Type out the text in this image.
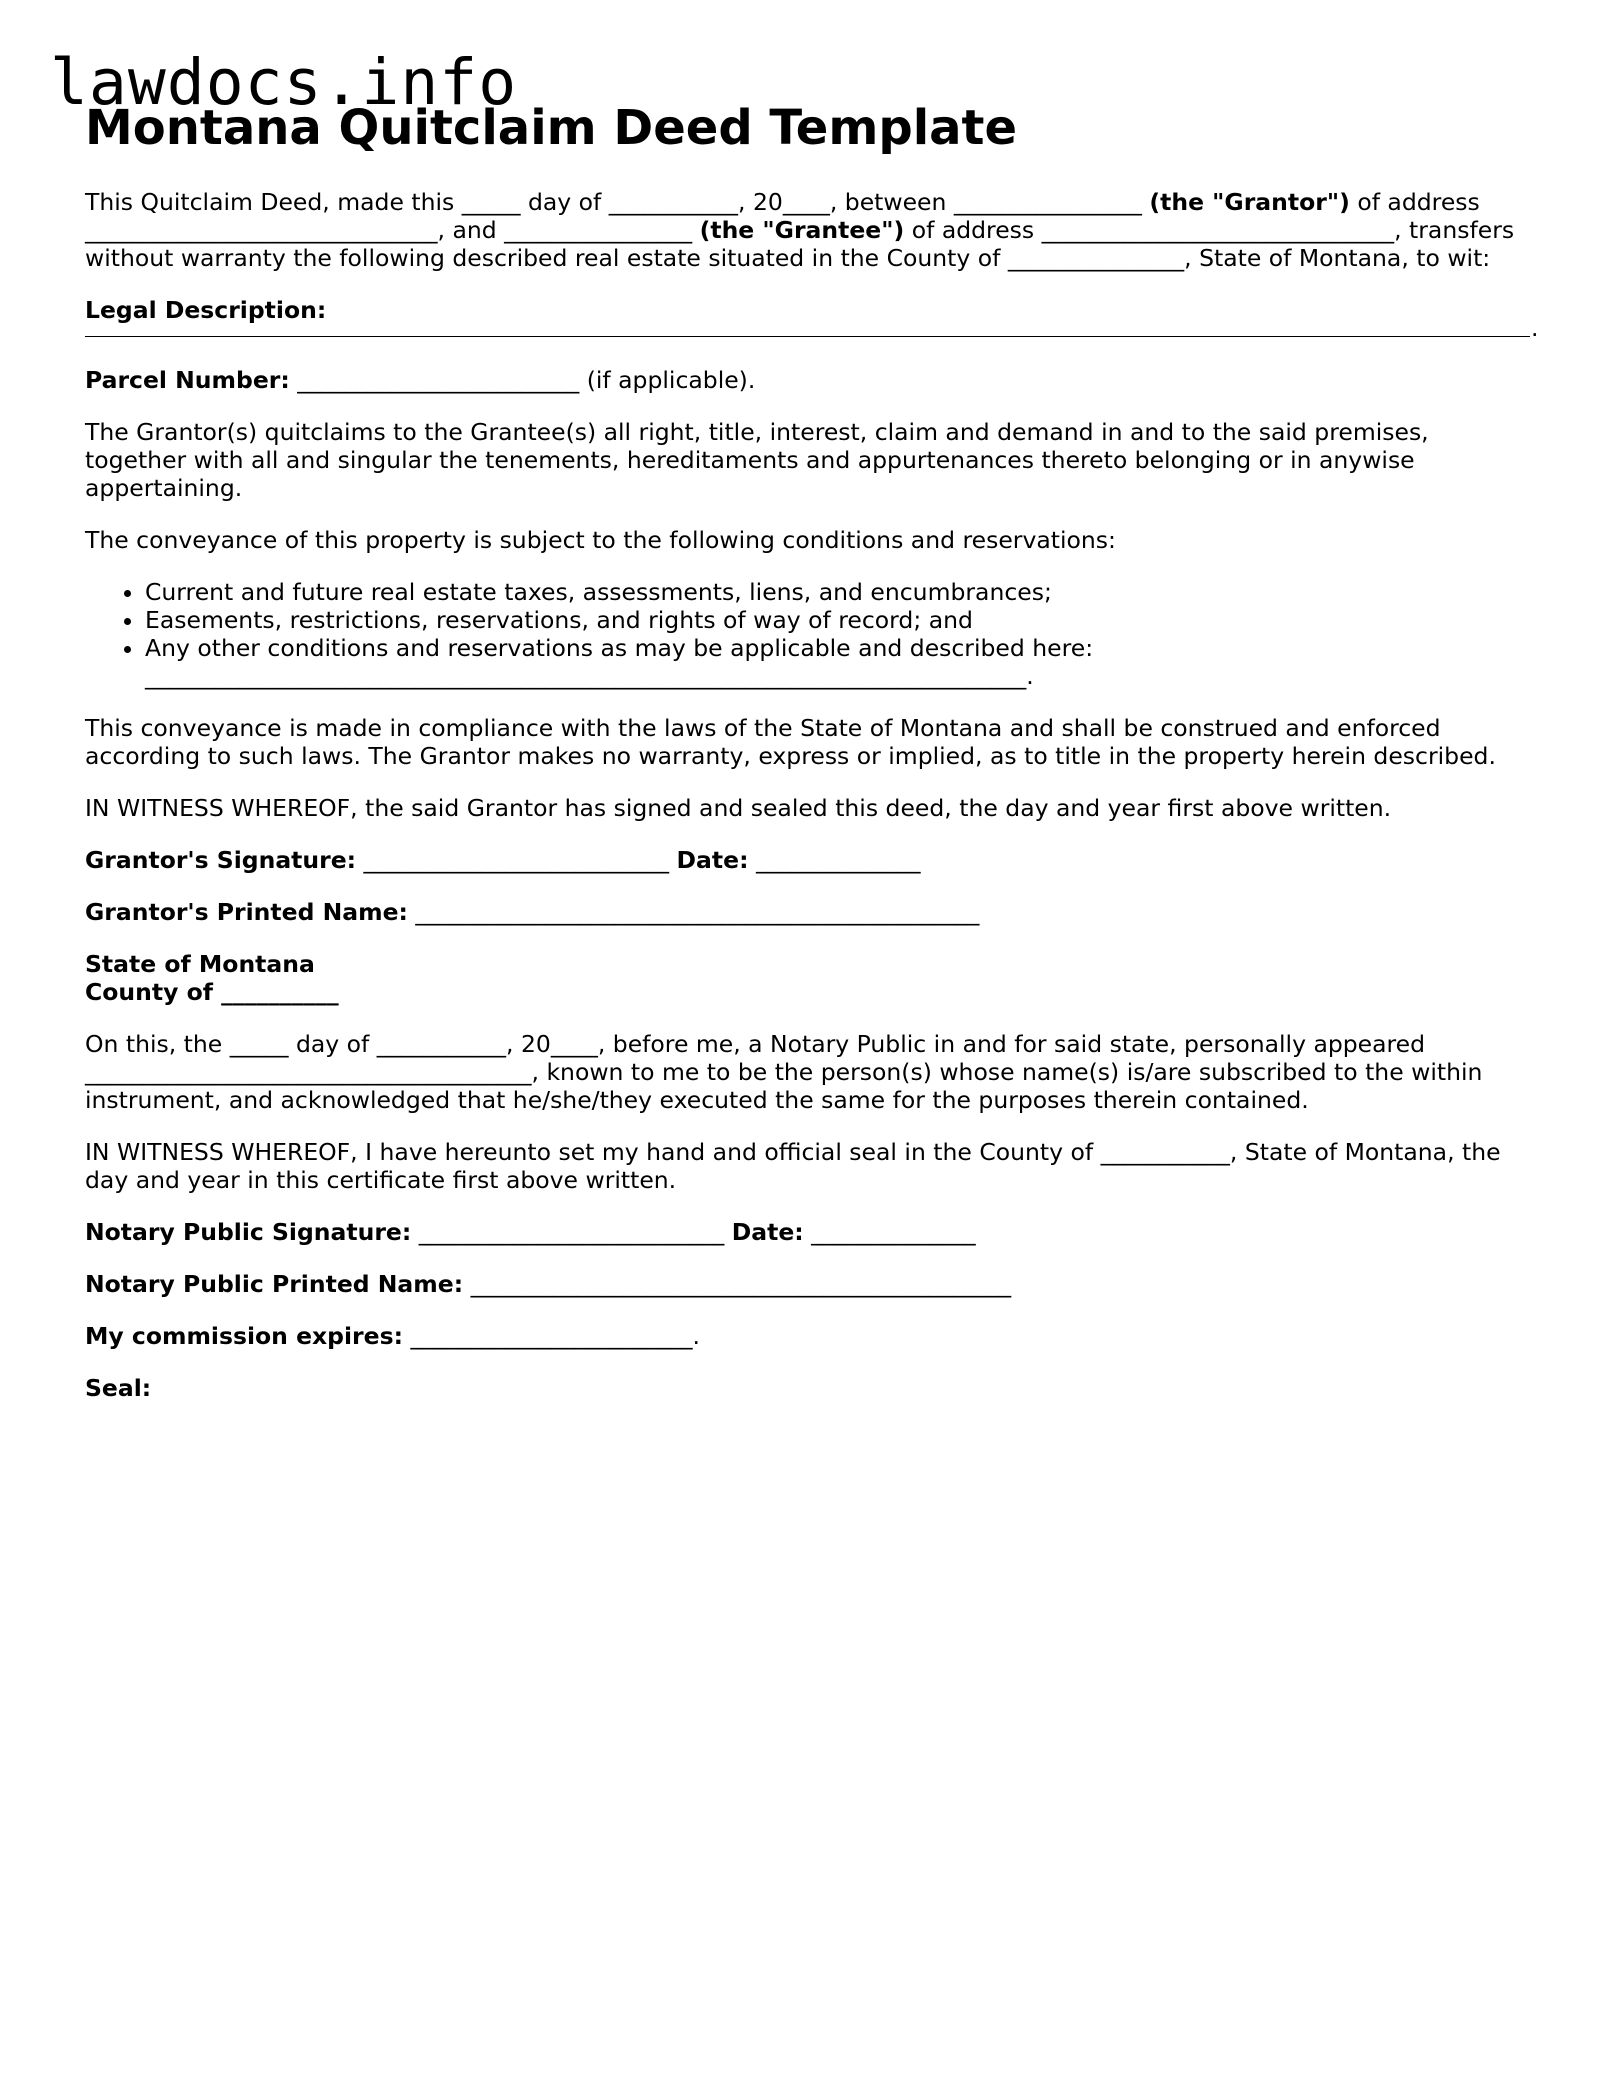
lawdocs.info
Montana Quitclaim Deed Template

This Quitclaim Deed, made this _____ day of ___________, 20____, between ________________ (the "Grantor") of address ______________________________, and ________________ (the "Grantee") of address ______________________________, transfers without warranty the following described real estate situated in the County of _______________, State of Montana, to wit:

Legal Description:
.

Parcel Number: ________________________ (if applicable).

The Grantor(s) quitclaims to the Grantee(s) all right, title, interest, claim and demand in and to the said premises, together with all and singular the tenements, hereditaments and appurtenances thereto belonging or in anywise appertaining.

The conveyance of this property is subject to the following conditions and reservations:

• Current and future real estate taxes, assessments, liens, and encumbrances;
• Easements, restrictions, reservations, and rights of way of record; and
• Any other conditions and reservations as may be applicable and described here: ___________________________________________________________________________.

This conveyance is made in compliance with the laws of the State of Montana and shall be construed and enforced according to such laws. The Grantor makes no warranty, express or implied, as to title in the property herein described.

IN WITNESS WHEREOF, the said Grantor has signed and sealed this deed, the day and year first above written.

Grantor's Signature: __________________________ Date: ______________

Grantor's Printed Name: ________________________________________________

State of Montana
County of __________

On this, the _____ day of ___________, 20____, before me, a Notary Public in and for said state, personally appeared ______________________________________, known to me to be the person(s) whose name(s) is/are subscribed to the within instrument, and acknowledged that he/she/they executed the same for the purposes therein contained.

IN WITNESS WHEREOF, I have hereunto set my hand and official seal in the County of ___________, State of Montana, the day and year in this certificate first above written.

Notary Public Signature: __________________________ Date: ______________

Notary Public Printed Name: ______________________________________________

My commission expires: ________________________.

Seal:
